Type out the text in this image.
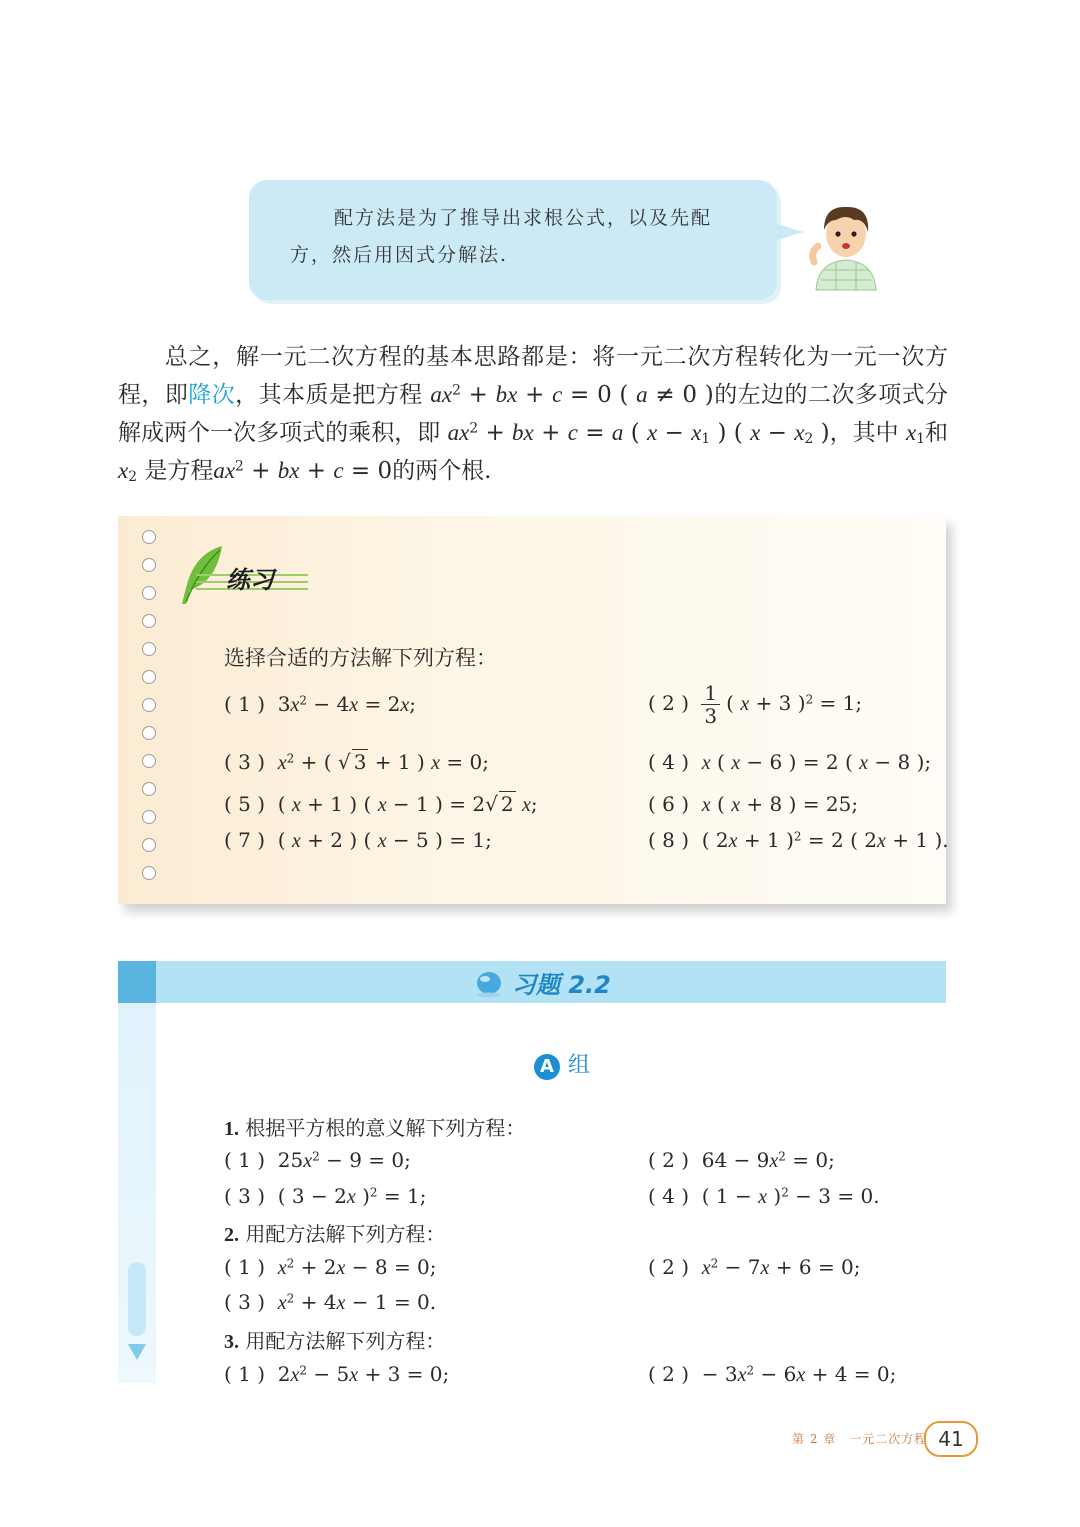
配方法是为了推导出求根公式，以及先配
方，然后用因式分解法.
总之，解一元二次方程的基本思路都是：将一元二次方程转化为一元一次方程，即降次，其本质是把方程 $ax^2$ + bx + c = 0 ( a ≠ 0 )的左边的二次多项式分解成两个一次多项式的乘积，即 $ax^2$ + bx + c = a ( $x - x_1$ ) ( $x - x_2$ )，其中 $x_1$和$x_2$ 是方程$ax^2$ + bx + c = 0的两个根.
练习
选择合适的方法解下列方程：
( 1 )  $3x^2 - 4x = 2x$;	( 2 ) $\frac{1}{3}$ ( x + 3 )$^2$ = 1;
( 3 )  $x^2$ + ( √ 3 + 1 ) x = 0;	( 4 )  x ( x − 6 ) = 2 ( x − 8 );
( 5 )  ( x + 1 ) ( x − 1 ) = 2√ 2 x;	( 6 )  x ( x + 8 ) = 25;
( 7 )  ( x + 2 ) ( x − 5 ) = 1;	( 8 )  ( 2x + 1 )$^2$ = 2 ( 2x + 1 ).
习题 2.2
A 组
1. 根据平方根的意义解下列方程：
( 1 )  $25x^2 - 9 = 0$;	( 2 )  $64 - 9x^2 = 0$;
( 3 )  ( 3 − 2x )$^2$ = 1;	( 4 )  ( 1 − x )$^2$ − 3 = 0.
2. 用配方法解下列方程：
( 1 )  $x^2 + 2x - 8 = 0$;	( 2 )  $x^2 - 7x + 6 = 0$;
( 3 )  $x^2 + 4x - 1 = 0$.
3. 用配方法解下列方程：
( 1 )  $2x^2 - 5x + 3 = 0$;	( 2 )  − $3x^2 - 6x + 4 = 0$;
第 2 章　一元二次方程 41
